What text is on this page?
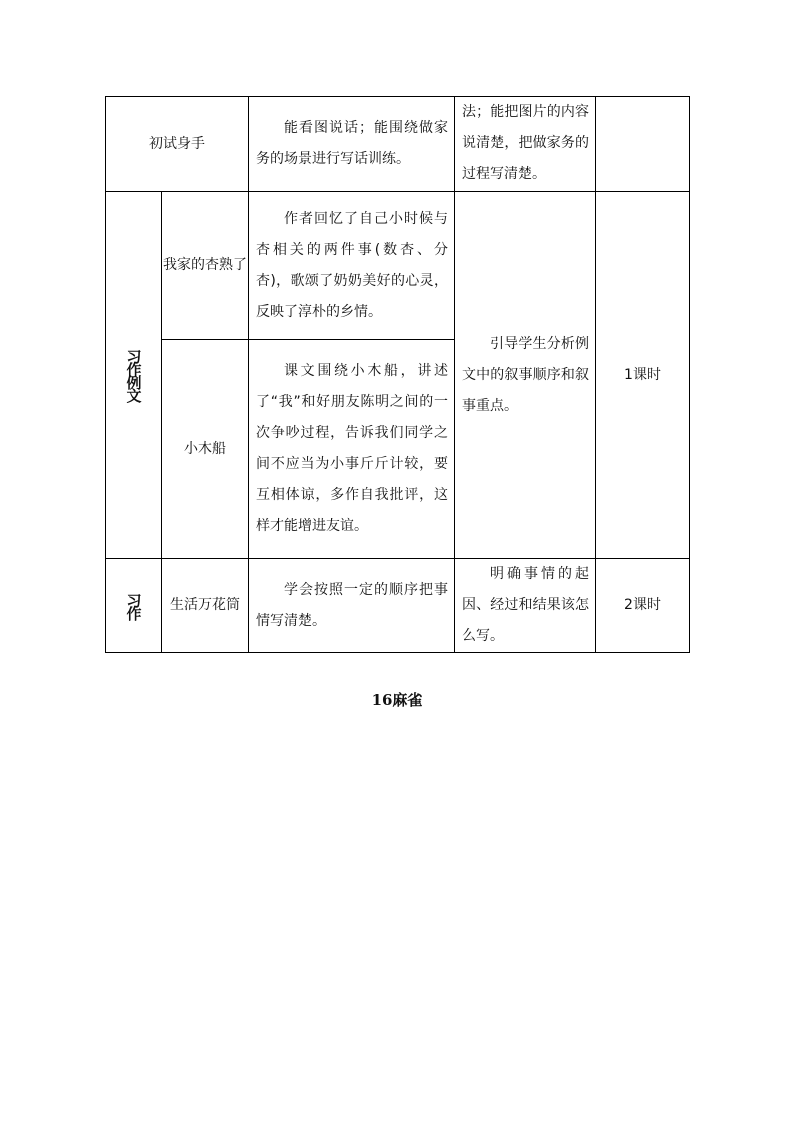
初试身手		能看图说话；能围绕做家务的场景进行写话训练。	法；能把图片的内容说清楚，把做家务的过程写清楚。	

习作例文	我家的杏熟了	作者回忆了自己小时候与杏相关的两件事(数杏、分杏)，歌颂了奶奶美好的心灵，反映了淳朴的乡情。	引导学生分析例文中的叙事顺序和叙事重点。	1课时
	小木船	课文围绕小木船，讲述了“我”和好朋友陈明之间的一次争吵过程，告诉我们同学之间不应当为小事斤斤计较，要互相体谅，多作自我批评，这样才能增进友谊。		

习作	生活万花筒	学会按照一定的顺序把事情写清楚。	明确事情的起因、经过和结果该怎么写。	2课时
16麻雀
